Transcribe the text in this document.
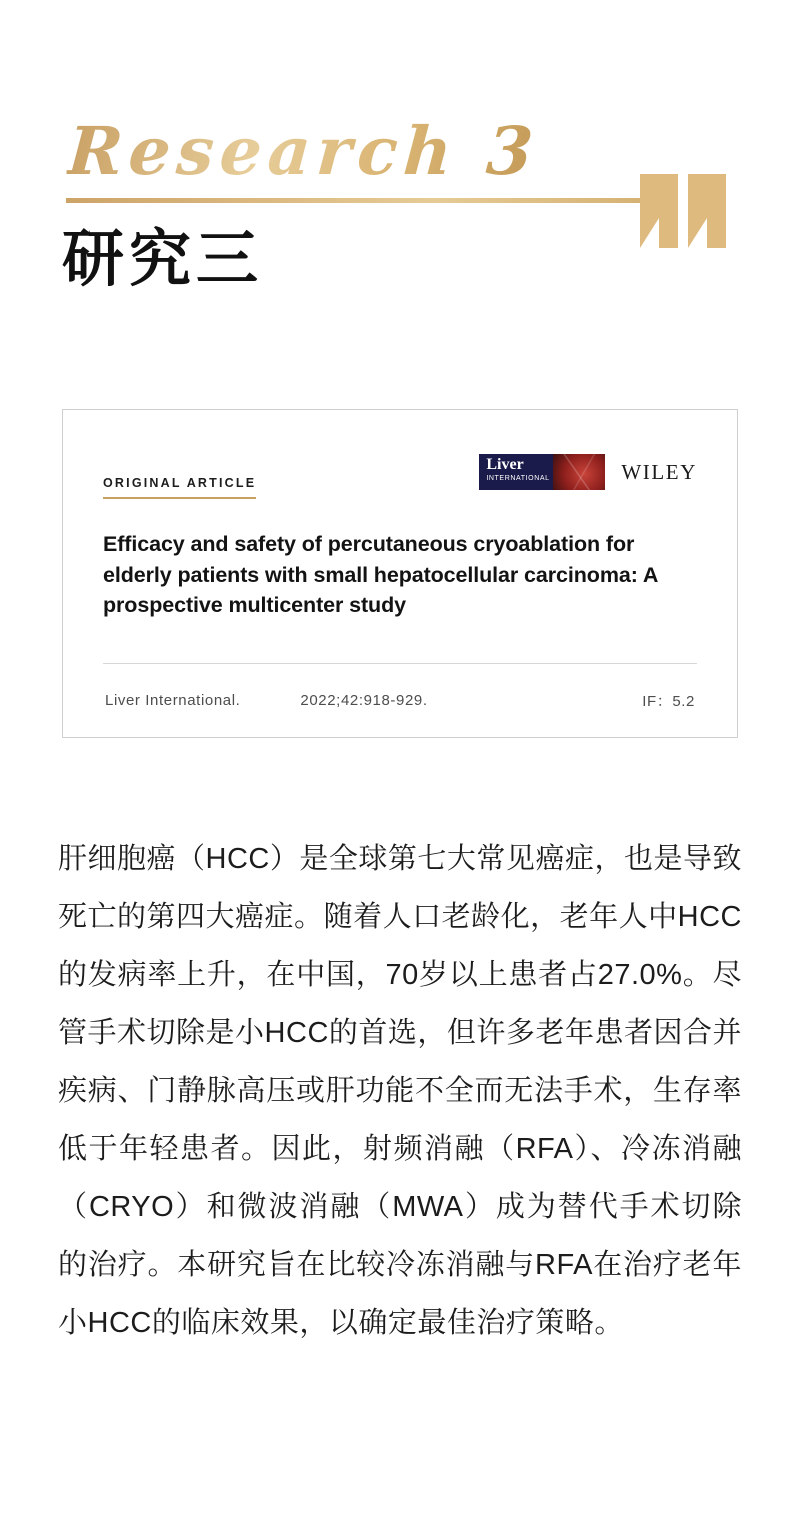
Research 3
研究三
ORIGINAL ARTICLE
Liver
INTERNATIONAL	WILEY
Efficacy and safety of percutaneous cryoablation for elderly patients with small hepatocellular carcinoma: A prospective multicenter study
Liver International.	2022;42:918-929.	IF：5.2
肝细胞癌（HCC）是全球第七大常见癌症，也是导致死亡的第四大癌症。随着人口老龄化，老年人中HCC的发病率上升，在中国，70岁以上患者占27.0%。尽管手术切除是小HCC的首选，但许多老年患者因合并疾病、门静脉高压或肝功能不全而无法手术，生存率低于年轻患者。因此，射频消融（RFA）、冷冻消融（CRYO）和微波消融（MWA）成为替代手术切除的治疗。本研究旨在比较冷冻消融与RFA在治疗老年小HCC的临床效果，以确定最佳治疗策略。
